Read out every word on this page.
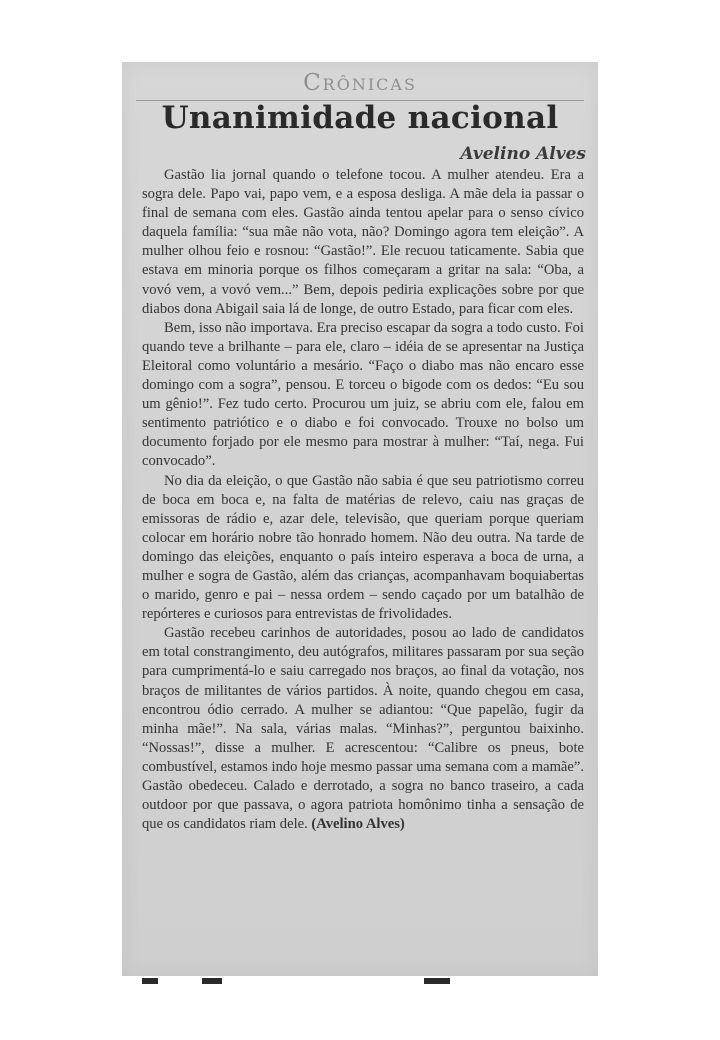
Crônicas
Unanimidade nacional
Avelino Alves

Gastão lia jornal quando o telefone tocou. A mulher atendeu. Era a sogra dele. Papo vai, papo vem, e a esposa desliga. A mãe dela ia passar o final de semana com eles. Gastão ainda tentou apelar para o senso cívico daquela família: “sua mãe não vota, não? Domingo agora tem eleição”. A mulher olhou feio e rosnou: “Gastão!”. Ele recuou taticamente. Sabia que estava em minoria porque os filhos começaram a gritar na sala: “Oba, a vovó vem, a vovó vem...” Bem, depois pediria explicações sobre por que diabos dona Abigail saia lá de longe, de outro Estado, para ficar com eles.

Bem, isso não importava. Era preciso escapar da sogra a todo custo. Foi quando teve a brilhante – para ele, claro – idéia de se apresentar na Justiça Eleitoral como voluntário a mesário. “Faço o diabo mas não encaro esse domingo com a sogra”, pensou. E torceu o bigode com os dedos: “Eu sou um gênio!”. Fez tudo certo. Procurou um juiz, se abriu com ele, falou em sentimento patriótico e o diabo e foi convocado. Trouxe no bolso um documento forjado por ele mesmo para mostrar à mulher: “Taí, nega. Fui convocado”.

No dia da eleição, o que Gastão não sabia é que seu patriotismo correu de boca em boca e, na falta de matérias de relevo, caiu nas graças de emissoras de rádio e, azar dele, televisão, que queriam porque queriam colocar em horário nobre tão honrado homem. Não deu outra. Na tarde de domingo das eleições, enquanto o país inteiro esperava a boca de urna, a mulher e sogra de Gastão, além das crianças, acompanhavam boquiabertas o marido, genro e pai – nessa ordem – sendo caçado por um batalhão de repórteres e curiosos para entrevistas de frivolidades.

Gastão recebeu carinhos de autoridades, posou ao lado de candidatos em total constrangimento, deu autógrafos, militares passaram por sua seção para cumprimentá-lo e saiu carregado nos braços, ao final da votação, nos braços de militantes de vários partidos. À noite, quando chegou em casa, encontrou ódio cerrado. A mulher se adiantou: “Que papelão, fugir da minha mãe!”. Na sala, várias malas. “Minhas?”, perguntou baixinho. “Nossas!”, disse a mulher. E acrescentou: “Calibre os pneus, bote combustível, estamos indo hoje mesmo passar uma semana com a mamãe”. Gastão obedeceu. Calado e derrotado, a sogra no banco traseiro, a cada outdoor por que passava, o agora patriota homônimo tinha a sensação de que os candidatos riam dele. (Avelino Alves)
